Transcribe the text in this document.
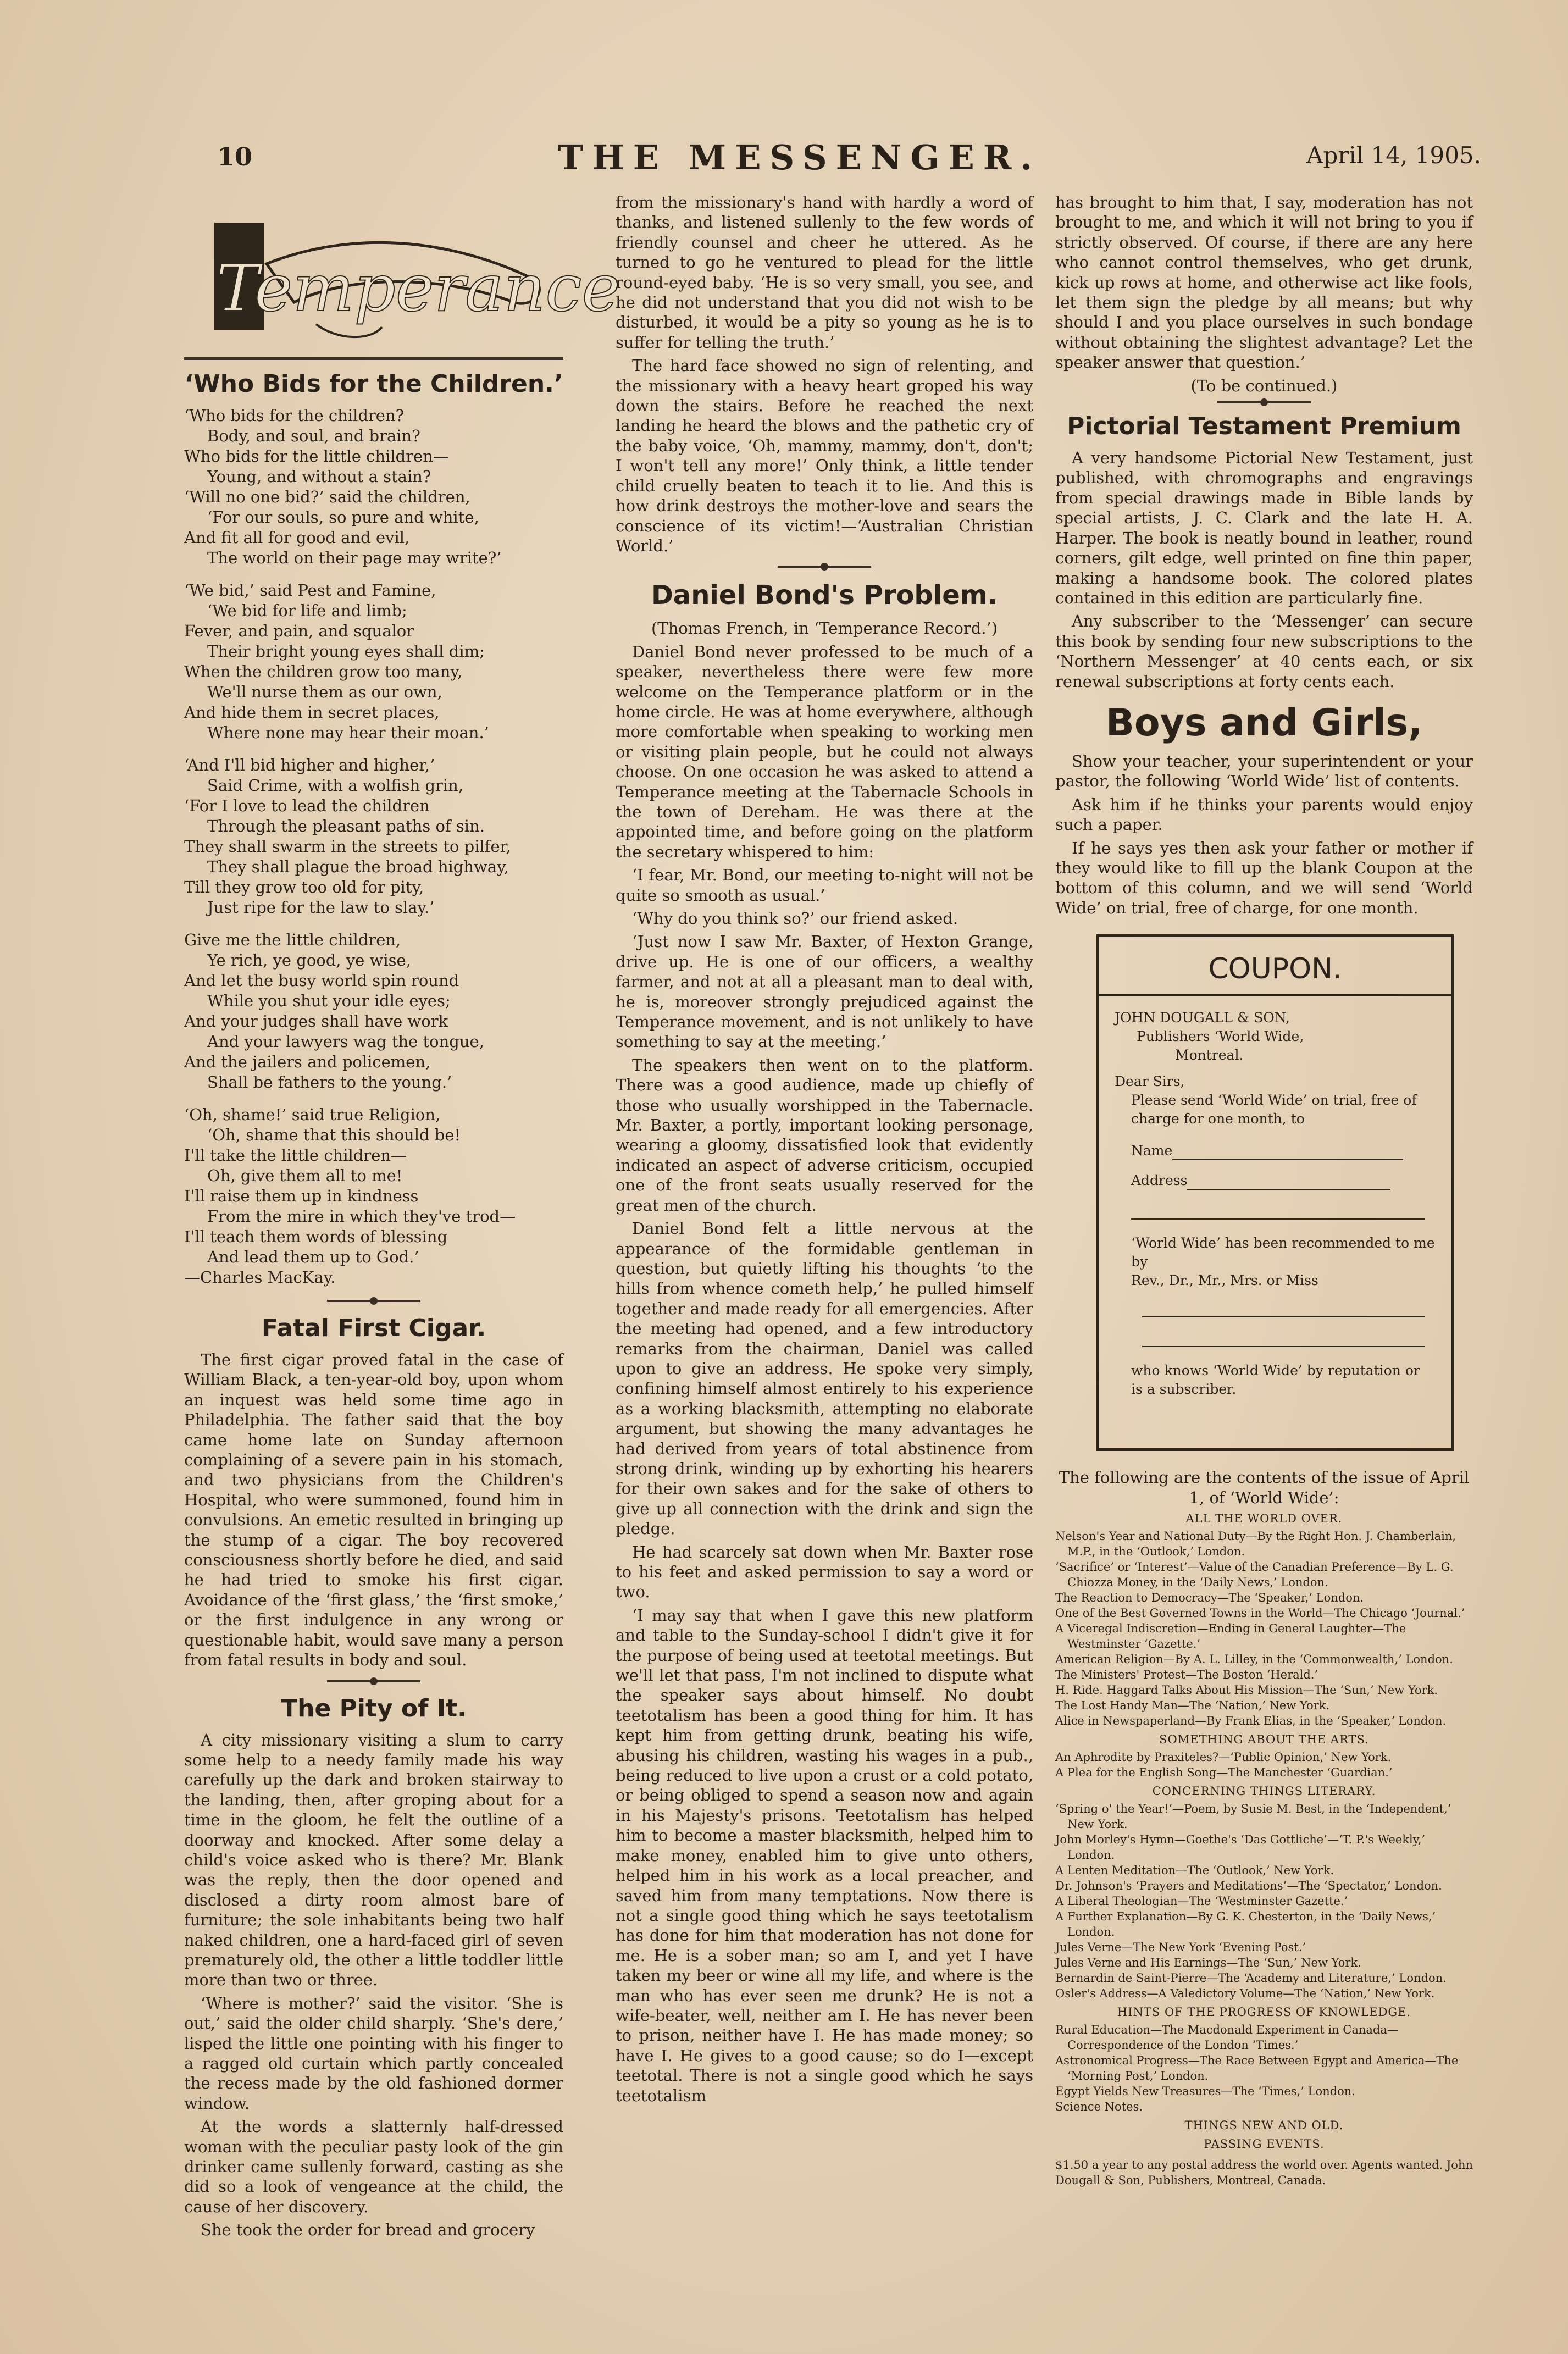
10	THE MESSENGER.	April 14, 1905.
Temperance
‘Who Bids for the Children.’
‘Who bids for the children?
Body, and soul, and brain?
Who bids for the little children—
Young, and without a stain?
‘Will no one bid?’ said the children,
‘For our souls, so pure and white,
And fit all for good and evil,
The world on their page may write?’
‘We bid,’ said Pest and Famine,
‘We bid for life and limb;
Fever, and pain, and squalor
Their bright young eyes shall dim;
When the children grow too many,
We'll nurse them as our own,
And hide them in secret places,
Where none may hear their moan.’
‘And I'll bid higher and higher,’
Said Crime, with a wolfish grin,
‘For I love to lead the children
Through the pleasant paths of sin.
They shall swarm in the streets to pilfer,
They shall plague the broad highway,
Till they grow too old for pity,
Just ripe for the law to slay.’
Give me the little children,
Ye rich, ye good, ye wise,
And let the busy world spin round
While you shut your idle eyes;
And your judges shall have work
And your lawyers wag the tongue,
And the jailers and policemen,
Shall be fathers to the young.’
‘Oh, shame!’ said true Religion,
‘Oh, shame that this should be!
I'll take the little children—
Oh, give them all to me!
I'll raise them up in kindness
From the mire in which they've trod—
I'll teach them words of blessing
And lead them up to God.’
—Charles MacKay.
Fatal First Cigar.

The first cigar proved fatal in the case of William Black, a ten-year-old boy, upon whom an inquest was held some time ago in Philadelphia. The father said that the boy came home late on Sunday afternoon complaining of a severe pain in his stomach, and two physicians from the Children's Hospital, who were summoned, found him in convulsions. An emetic resulted in bringing up the stump of a cigar. The boy recovered consciousness shortly before he died, and said he had tried to smoke his first cigar. Avoidance of the ‘first glass,’ the ‘first smoke,’ or the first indulgence in any wrong or questionable habit, would save many a person from fatal results in body and soul.

The Pity of It.

A city missionary visiting a slum to carry some help to a needy family made his way carefully up the dark and broken stairway to the landing, then, after groping about for a time in the gloom, he felt the outline of a doorway and knocked. After some delay a child's voice asked who is there? Mr. Blank was the reply, then the door opened and disclosed a dirty room almost bare of furniture; the sole inhabitants being two half naked children, one a hard-faced girl of seven prematurely old, the other a little toddler little more than two or three.

‘Where is mother?’ said the visitor. ‘She is out,’ said the older child sharply. ‘She's dere,’ lisped the little one pointing with his finger to a ragged old curtain which partly concealed the recess made by the old fashioned dormer window.

At the words a slatternly half-dressed woman with the peculiar pasty look of the gin drinker came sullenly forward, casting as she did so a look of vengeance at the child, the cause of her discovery.

She took the order for bread and grocery

from the missionary's hand with hardly a word of thanks, and listened sullenly to the few words of friendly counsel and cheer he uttered. As he turned to go he ventured to plead for the little round-eyed baby. ‘He is so very small, you see, and he did not understand that you did not wish to be disturbed, it would be a pity so young as he is to suffer for telling the truth.’

The hard face showed no sign of relenting, and the missionary with a heavy heart groped his way down the stairs. Before he reached the next landing he heard the blows and the pathetic cry of the baby voice, ‘Oh, mammy, mammy, don't, don't; I won't tell any more!’ Only think, a little tender child cruelly beaten to teach it to lie. And this is how drink destroys the mother-love and sears the conscience of its victim!—‘Australian Christian World.’

Daniel Bond's Problem.

(Thomas French, in ‘Temperance Record.’)

Daniel Bond never professed to be much of a speaker, nevertheless there were few more welcome on the Temperance platform or in the home circle. He was at home everywhere, although more comfortable when speaking to working men or visiting plain people, but he could not always choose. On one occasion he was asked to attend a Temperance meeting at the Tabernacle Schools in the town of Dereham. He was there at the appointed time, and before going on the platform the secretary whispered to him:

‘I fear, Mr. Bond, our meeting to-night will not be quite so smooth as usual.’

‘Why do you think so?’ our friend asked.

‘Just now I saw Mr. Baxter, of Hexton Grange, drive up. He is one of our officers, a wealthy farmer, and not at all a pleasant man to deal with, he is, moreover strongly prejudiced against the Temperance movement, and is not unlikely to have something to say at the meeting.’

The speakers then went on to the platform. There was a good audience, made up chiefly of those who usually worshipped in the Tabernacle. Mr. Baxter, a portly, important looking personage, wearing a gloomy, dissatisfied look that evidently indicated an aspect of adverse criticism, occupied one of the front seats usually reserved for the great men of the church.

Daniel Bond felt a little nervous at the appearance of the formidable gentleman in question, but quietly lifting his thoughts ‘to the hills from whence cometh help,’ he pulled himself together and made ready for all emergencies. After the meeting had opened, and a few introductory remarks from the chairman, Daniel was called upon to give an address. He spoke very simply, confining himself almost entirely to his experience as a working blacksmith, attempting no elaborate argument, but showing the many advantages he had derived from years of total abstinence from strong drink, winding up by exhorting his hearers for their own sakes and for the sake of others to give up all connection with the drink and sign the pledge.

He had scarcely sat down when Mr. Baxter rose to his feet and asked permission to say a word or two.

‘I may say that when I gave this new platform and table to the Sunday-school I didn't give it for the purpose of being used at teetotal meetings. But we'll let that pass, I'm not inclined to dispute what the speaker says about himself. No doubt teetotalism has been a good thing for him. It has kept him from getting drunk, beating his wife, abusing his children, wasting his wages in a pub., being reduced to live upon a crust or a cold potato, or being obliged to spend a season now and again in his Majesty's prisons. Teetotalism has helped him to become a master blacksmith, helped him to make money, enabled him to give unto others, helped him in his work as a local preacher, and saved him from many temptations. Now there is not a single good thing which he says teetotalism has done for him that moderation has not done for me. He is a sober man; so am I, and yet I have taken my beer or wine all my life, and where is the man who has ever seen me drunk? He is not a wife-beater, well, neither am I. He has never been to prison, neither have I. He has made money; so have I. He gives to a good cause; so do I—except teetotal. There is not a single good which he says teetotalism

has brought to him that, I say, moderation has not brought to me, and which it will not bring to you if strictly observed. Of course, if there are any here who cannot control themselves, who get drunk, kick up rows at home, and otherwise act like fools, let them sign the pledge by all means; but why should I and you place ourselves in such bondage without obtaining the slightest advantage? Let the speaker answer that question.’

(To be continued.)

Pictorial Testament Premium

A very handsome Pictorial New Testament, just published, with chromographs and engravings from special drawings made in Bible lands by special artists, J. C. Clark and the late H. A. Harper. The book is neatly bound in leather, round corners, gilt edge, well printed on fine thin paper, making a handsome book. The colored plates contained in this edition are particularly fine.

Any subscriber to the ‘Messenger’ can secure this book by sending four new subscriptions to the ‘Northern Messenger’ at 40 cents each, or six renewal subscriptions at forty cents each.

Boys and Girls,

Show your teacher, your superintendent or your pastor, the following ‘World Wide’ list of contents.

Ask him if he thinks your parents would enjoy such a paper.

If he says yes then ask your father or mother if they would like to fill up the blank Coupon at the bottom of this column, and we will send ‘World Wide’ on trial, free of charge, for one month.

COUPON.
JOHN DOUGALL & SON,
Publishers ‘World Wide,
Montreal.
Dear Sirs,
Please send ‘World Wide’ on trial, free of charge for one month, to
Name
Address
‘World Wide’ has been recommended to me by
Rev., Dr., Mr., Mrs. or Miss
who knows ‘World Wide’ by reputation or is a subscriber.

The following are the contents of the issue of April 1, of ‘World Wide’:

ALL THE WORLD OVER.
Nelson's Year and National Duty—By the Right Hon. J. Chamberlain, M.P., in the ‘Outlook,’ London.
‘Sacrifice’ or ‘Interest’—Value of the Canadian Preference—By L. G. Chiozza Money, in the ‘Daily News,’ London.
The Reaction to Democracy—The ‘Speaker,’ London.
One of the Best Governed Towns in the World—The Chicago ‘Journal.’
A Viceregal Indiscretion—Ending in General Laughter—The Westminster ‘Gazette.’
American Religion—By A. L. Lilley, in the ‘Commonwealth,’ London.
The Ministers' Protest—The Boston ‘Herald.’
H. Ride. Haggard Talks About His Mission—The ‘Sun,’ New York.
The Lost Handy Man—The ‘Nation,’ New York.
Alice in Newspaperland—By Frank Elias, in the ‘Speaker,’ London.
SOMETHING ABOUT THE ARTS.
An Aphrodite by Praxiteles?—‘Public Opinion,’ New York.
A Plea for the English Song—The Manchester ‘Guardian.’
CONCERNING THINGS LITERARY.
‘Spring o' the Year!’—Poem, by Susie M. Best, in the ‘Independent,’ New York.
John Morley's Hymn—Goethe's ‘Das Gottliche’—‘T. P.'s Weekly,’ London.
A Lenten Meditation—The ‘Outlook,’ New York.
Dr. Johnson's ‘Prayers and Meditations’—The ‘Spectator,’ London.
A Liberal Theologian—The ‘Westminster Gazette.’
A Further Explanation—By G. K. Chesterton, in the ‘Daily News,’ London.
Jules Verne—The New York ‘Evening Post.’
Jules Verne and His Earnings—The ‘Sun,’ New York.
Bernardin de Saint-Pierre—The ‘Academy and Literature,’ London.
Osler's Address—A Valedictory Volume—The ‘Nation,’ New York.
HINTS OF THE PROGRESS OF KNOWLEDGE.
Rural Education—The Macdonald Experiment in Canada—Correspondence of the London ‘Times.’
Astronomical Progress—The Race Between Egypt and America—The ‘Morning Post,’ London.
Egypt Yields New Treasures—The ‘Times,’ London.
Science Notes.
THINGS NEW AND OLD.
PASSING EVENTS.
$1.50 a year to any postal address the world over. Agents wanted. John Dougall & Son, Publishers, Montreal, Canada.
